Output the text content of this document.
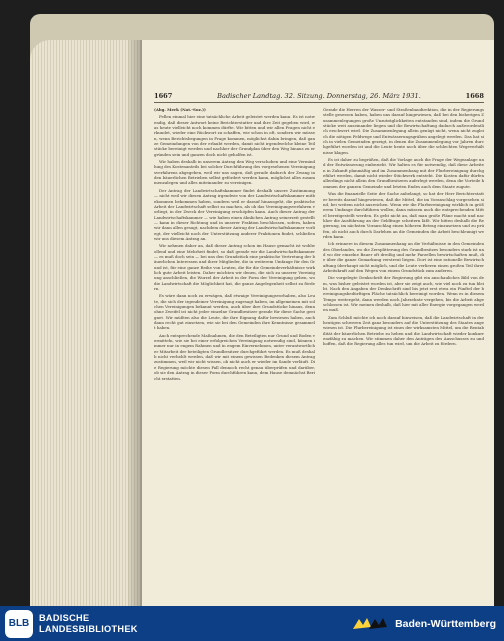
1667	Badischer Landtag. 32. Sitzung. Donnerstag, 26. März 1931.	1668

(Abg. Merk (Nat.-Soz.))

Fellen einmal hier eine tatsächliche Arbeit geleistet werden kann. Es ist notwendig, daß dieser Antwort keine Berichterstatter und ihre Zeit gegeben wird, was heute vielleicht noch kommen dürfte. Wir bitten und wir allen Fragen nicht erkundet, wieder eine Rückwort zu schaffen, wie schon in oft, sondern wir müssen, wenn Berichtsbegungen in Frage kommen, möglichst dahin bringen, daß ganze Gemeindungen von der erlaubt werden, damit nicht irgendwelche kleine Teilstücke bereinigt werden und nachher der Grundplan über den Weg hinaus zu ergründen sein und ganzen doch nicht geholfen ist.

Wir haben deshalb in unserem Antrag den Weg verschoben und eine Vermindlung des Kostenanteils bei solcher Durchführung des vorgesehenen Vereinigungsverfahrens abgegeben, weil wir uns sagen, daß gerade dadurch der Zwang in den bäuerlichen Betrieben selbst gefördert werden kann, möglichst alles zusammenzulegen und alles miteinander zu vereinigen.

Der Antrag der Landwirtschaftskammer findet deshalb unsere Zustimmung — nicht weil wir diesen Antrag irgendwie von der Landwirtschaftskammer mitbekommen bekommen haben, sondern weil er darauf hinausgeht, die praktische Arbeit der Landwirtschaft selbst zu machen, als ob das Vereinigungsverfahren vorliegt, in der Zweck der Vereinigung erschöpfen kann. Auch dieser Antrag der Landwirtschaftskammer — wie haben einen ähnlichen Antrag seinerzeit gestellt — kann in dieser Richtung und in unserer Fraktion beschlossen, sofern, haben wir dann allen gesagt, nachdem dieser Antrag der Landwirtschaftskammer vorliegt, der vielleicht noch der Unterstützung anderer Fraktionen findet, schließen wir uns diesem Antrag an.

Wir nehmen daher an, daß dieser Antrag schon im Hause gemacht ist wohlwollend und eine Mehrheit findet, so daß gerade wir die Landwirtschaftskammer — es muß doch sein — bei uns den Grundstück eine praktische Vertretung der bäuerlichen Interessen und ihrer Mitglieder, die in weiterem Umfange für den Grund ist, für eine ganze Reihe von Leuten, die für die Gemeindeverhältnisse wirklich gute Arbeit leisten. Daher möchten wir denen, die sich zu unserer Vereinigung anschließen, die Wurzel der Arbeit in der Form der Vereinigung geben, wo die Landwirtschaft die Möglichkeit hat, die ganze Angelegenheit selbst zu fördern.

Es wäre dann noch zu erwägen, daß etwaige Vereinigungsvorhaben, also Leute, die sich der irgendeiner Vereinigung zugesagt haben, im allgemeinen mit solchen Vereinigungen bekannt werden, auch über ihre Grundstücke hinaus, denn ohne Zweifel ist nicht jeder einzelne Grundbesitzer gerade für diese Sache geeignet. Wir müßten also die Leute, die ihre Eignung dafür bewiesen haben, auch dann recht gut einsetzen, wie sie bei den Gemeinden ihre Kenntnisse gesammelt haben.

Auch entsprechende Maßnahmen, die den Beteiligten nur Grund und Boden vermitteln, wie sie bei einer erfolgreichen Vereinigung notwendig sind, können immer nur in engem Rahmen und in engem Einvernehmen, unter verantwortlicher Mitarbeit der beteiligten Grundbesitzer durchgeführt werden. Es muß deshalb nicht verhehlt werden, daß wir mit einem gewissen Bedenken diesem Antrag zustimmen, weil wir nicht wissen, ob nicht auch er wieder im Sande verläuft. Die Regierung möchte diesen Fall dennoch recht genau überprüfen und darüber, ob sie den Antrag in dieser Form durchführen kann, dem Hause demnächst Bericht erstatten.

Gerade die Herren der Wasser- und Straßenbaudirektion, die in der Regierungsstelle gesessen haben, haben uns darauf hingewiesen, daß bei den bisherigen Zusammenlegungen große Unzuträglichkeiten entstanden sind, indem die Grundstücke weit auseinander liegen und die Bewirtschaftung dadurch außerordentlich erschwert wird. Die Zusammenlegung allein genügt nicht, wenn nicht zugleich die nötigen Feldwege und Entwässerungsgräben angelegt werden. Das hat sich in vielen Gemeinden gezeigt, in denen die Zusammenlegung vor Jahren durchgeführt worden ist und die Leute heute noch über die schlechten Wegeverhältnisse klagen.

Es ist daher zu begrüßen, daß die Vorlage auch die Frage der Wegeanlage und der Entwässerung einbezieht. Wir halten es für notwendig, daß diese Arbeiten in Zukunft planmäßig und im Zusammenhang mit der Flurbereinigung durchgeführt werden, damit nicht wieder Stückwerk entsteht. Die Kosten dafür dürfen allerdings nicht allein den Grundbesitzern auferlegt werden, denn die Vorteile kommen der ganzen Gemeinde und letzten Endes auch dem Staate zugute.

Was die finanzielle Seite der Sache anbelangt, so hat der Herr Berichterstatter bereits darauf hingewiesen, daß die Mittel, die im Voranschlag vorgesehen sind, bei weitem nicht ausreichen. Wenn wir die Flurbereinigung wirklich in größerem Umfange durchführen wollen, dann müssen auch die entsprechenden Mittel bereitgestellt werden. Es geht nicht an, daß man große Pläne macht und nachher die Ausführung an der Geldfrage scheitern läßt. Wir bitten deshalb die Regierung, im nächsten Voranschlag einen höheren Betrag einzusetzen und zu prüfen, ob nicht auch durch Darlehen an die Gemeinden die Arbeit beschleunigt werden kann.

Ich erinnere in diesem Zusammenhang an die Verhältnisse in den Gemeinden des Oberlandes, wo die Zersplitterung des Grundbesitzes besonders stark ist und wo der einzelne Bauer oft dreißig und mehr Parzellen bewirtschaften muß, die über die ganze Gemarkung verstreut liegen. Dort ist eine rationelle Bewirtschaftung überhaupt nicht möglich, und die Leute verlieren einen großen Teil ihrer Arbeitskraft auf den Wegen von einem Grundstück zum anderen.

Die vorgelegte Denkschrift der Regierung gibt ein anschauliches Bild von dem, was bisher geleistet worden ist, aber sie zeigt auch, wie viel noch zu tun bleibt. Nach den Angaben der Denkschrift sind bis jetzt erst etwa ein Fünftel der bereinigungsbedürftigen Fläche tatsächlich bereinigt worden. Wenn es in diesem Tempo weitergeht, dann werden noch Jahrzehnte vergehen, bis die Arbeit abgeschlossen ist. Wir meinen deshalb, daß hier mit aller Energie vorgegangen werden muß.

Zum Schluß möchte ich noch darauf hinweisen, daß die Landwirtschaft in der heutigen schweren Zeit ganz besonders auf die Unterstützung des Staates angewiesen ist. Die Flurbereinigung ist eines der wirksamsten Mittel, um die Rentabilität der bäuerlichen Betriebe zu heben und die Landwirtschaft wieder konkurrenzfähig zu machen. Wir stimmen daher den Anträgen des Ausschusses zu und hoffen, daß die Regierung alles tun wird, um die Arbeit zu fördern.

BLB
BADISCHE
LANDESBIBLIOTHEK	Baden-Württemberg
